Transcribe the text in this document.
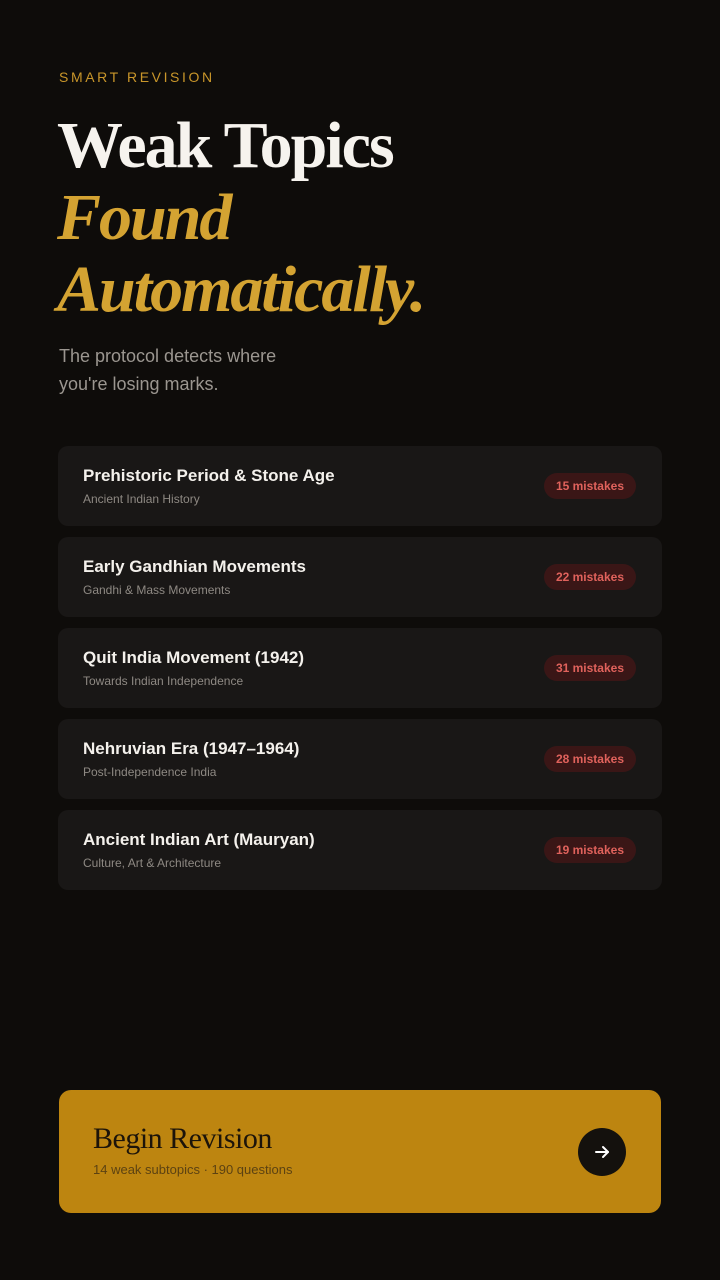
SMART REVISION
Weak Topics
Found
Automatically.

The protocol detects where you're losing marks.

Prehistoric Period & Stone Age
Ancient Indian History
15 mistakes
Early Gandhian Movements
Gandhi & Mass Movements
22 mistakes
Quit India Movement (1942)
Towards Indian Independence
31 mistakes
Nehruvian Era (1947–1964)
Post-Independence India
28 mistakes
Ancient Indian Art (Mauryan)
Culture, Art & Architecture
19 mistakes
Begin Revision
14 weak subtopics · 190 questions
